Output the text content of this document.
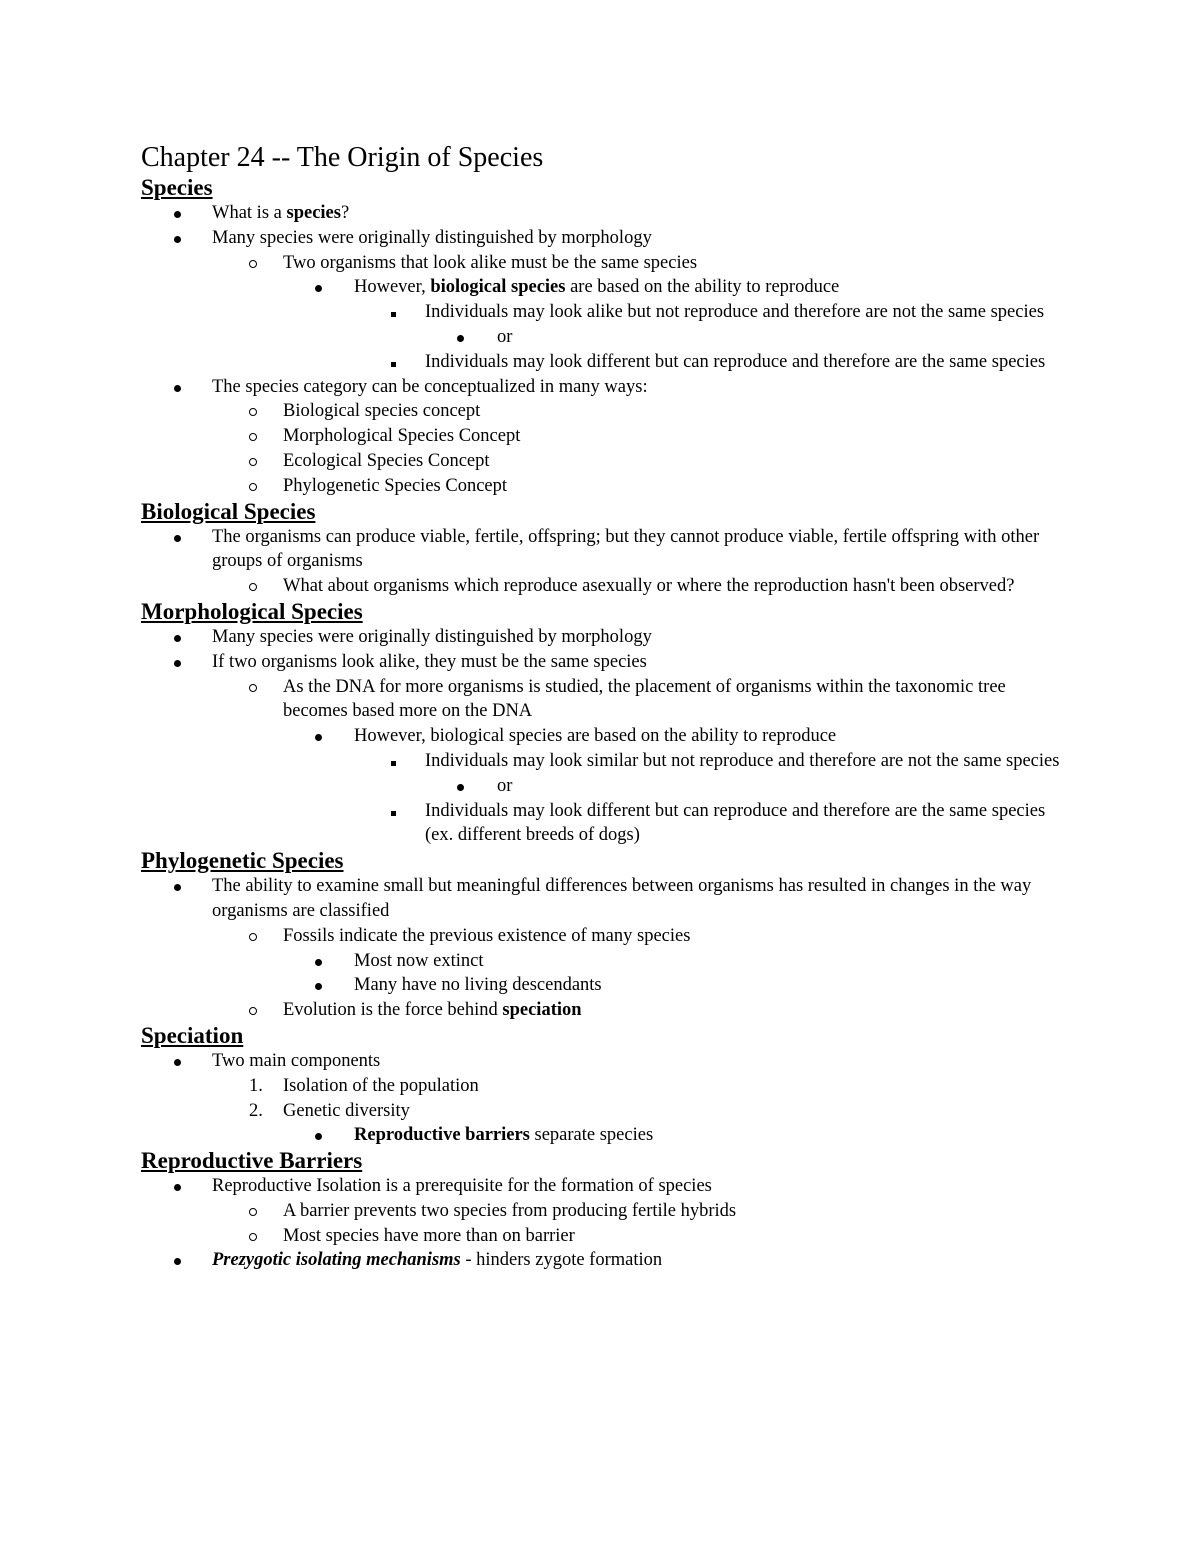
Chapter 24 -- The Origin of Species
Species
What is a species?
Many species were originally distinguished by morphology
Two organisms that look alike must be the same species
However, biological species are based on the ability to reproduce
Individuals may look alike but not reproduce and therefore are not the same species
or
Individuals may look different but can reproduce and therefore are the same species
The species category can be conceptualized in many ways:
Biological species concept
Morphological Species Concept
Ecological Species Concept
Phylogenetic Species Concept
Biological Species
The organisms can produce viable, fertile, offspring; but they cannot produce viable, fertile offspring with other groups of organisms
What about organisms which reproduce asexually or where the reproduction hasn't been observed?
Morphological Species
Many species were originally distinguished by morphology
If two organisms look alike, they must be the same species
As the DNA for more organisms is studied, the placement of organisms within the taxonomic tree becomes based more on the DNA
However, biological species are based on the ability to reproduce
Individuals may look similar but not reproduce and therefore are not the same species
or
Individuals may look different but can reproduce and therefore are the same species (ex. different breeds of dogs)
Phylogenetic Species
The ability to examine small but meaningful differences between organisms has resulted in changes in the way organisms are classified
Fossils indicate the previous existence of many species
Most now extinct
Many have no living descendants
Evolution is the force behind speciation
Speciation
Two main components
1.	Isolation of the population
2.	Genetic diversity
Reproductive barriers separate species
Reproductive Barriers
Reproductive Isolation is a prerequisite for the formation of species
A barrier prevents two species from producing fertile hybrids
Most species have more than on barrier
Prezygotic isolating mechanisms - hinders zygote formation
